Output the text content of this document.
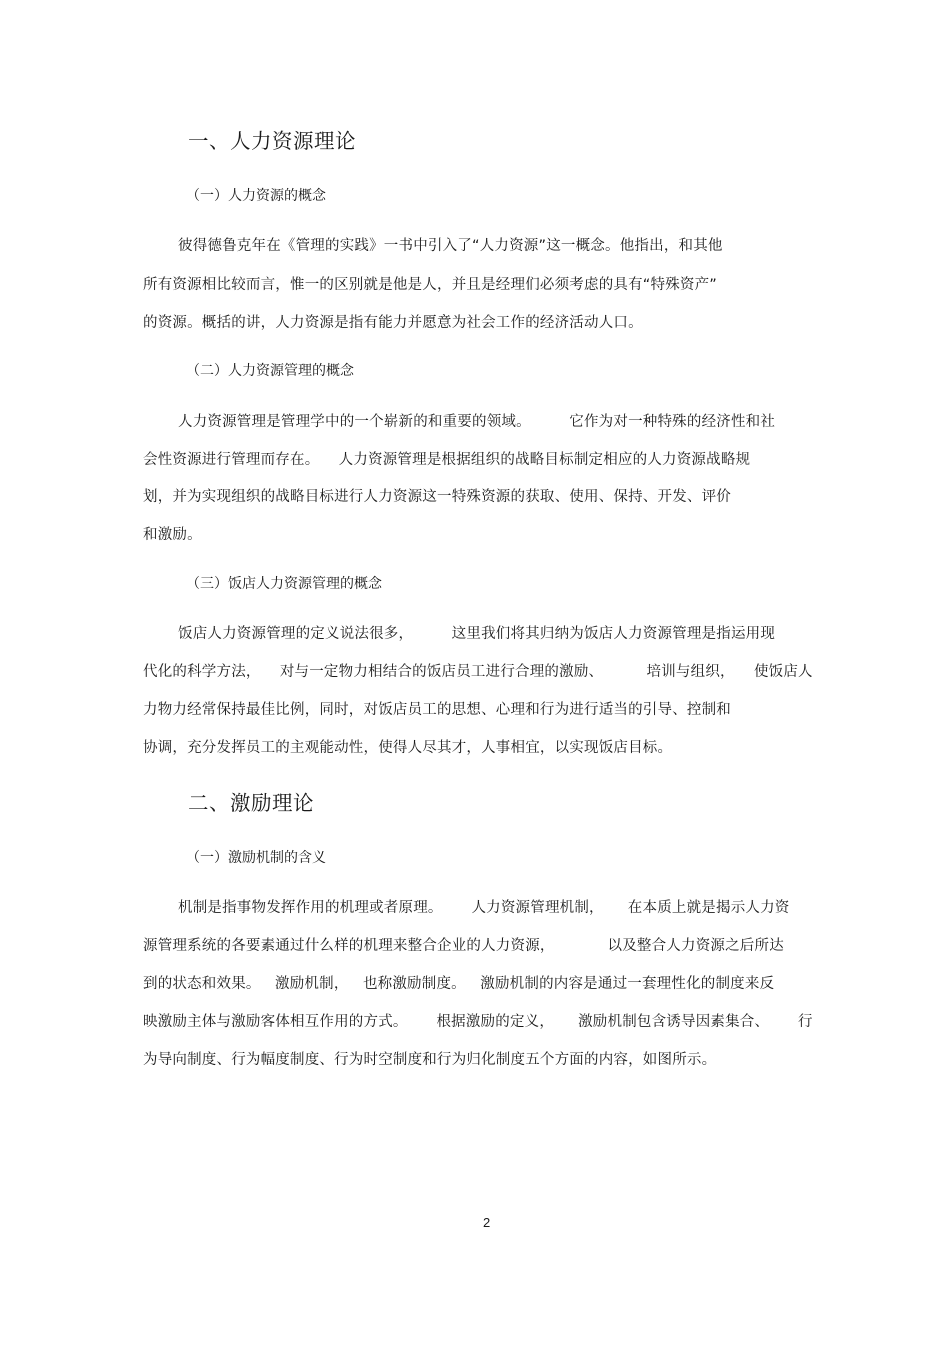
一、人力资源理论
（一）人力资源的概念
彼得德鲁克年在《管理的实践》一书中引入了“人力资源”这一概念。他指出，和其他
所有资源相比较而言，惟一的区别就是他是人，并且是经理们必须考虑的具有“特殊资产”
的资源。概括的讲，人力资源是指有能力并愿意为社会工作的经济活动人口。
（二）人力资源管理的概念
人力资源管理是管理学中的一个崭新的和重要的领域。        它作为对一种特殊的经济性和社
会性资源进行管理而存在。    人力资源管理是根据组织的战略目标制定相应的人力资源战略规
划，并为实现组织的战略目标进行人力资源这一特殊资源的获取、使用、保持、开发、评价
和激励。
（三）饭店人力资源管理的概念
饭店人力资源管理的定义说法很多，        这里我们将其归纳为饭店人力资源管理是指运用现
代化的科学方法，    对与一定物力相结合的饭店员工进行合理的激励、         培训与组织，    使饭店人
力物力经常保持最佳比例，同时，对饭店员工的思想、心理和行为进行适当的引导、控制和
协调，充分发挥员工的主观能动性，使得人尽其才，人事相宜，以实现饭店目标。
二、激励理论
（一）激励机制的含义
机制是指事物发挥作用的机理或者原理。      人力资源管理机制，     在本质上就是揭示人力资
源管理系统的各要素通过什么样的机理来整合企业的人力资源，           以及整合人力资源之后所达
到的状态和效果。   激励机制，   也称激励制度。   激励机制的内容是通过一套理性化的制度来反
映激励主体与激励客体相互作用的方式。      根据激励的定义，     激励机制包含诱导因素集合、      行
为导向制度、行为幅度制度、行为时空制度和行为归化制度五个方面的内容，如图所示。
2
